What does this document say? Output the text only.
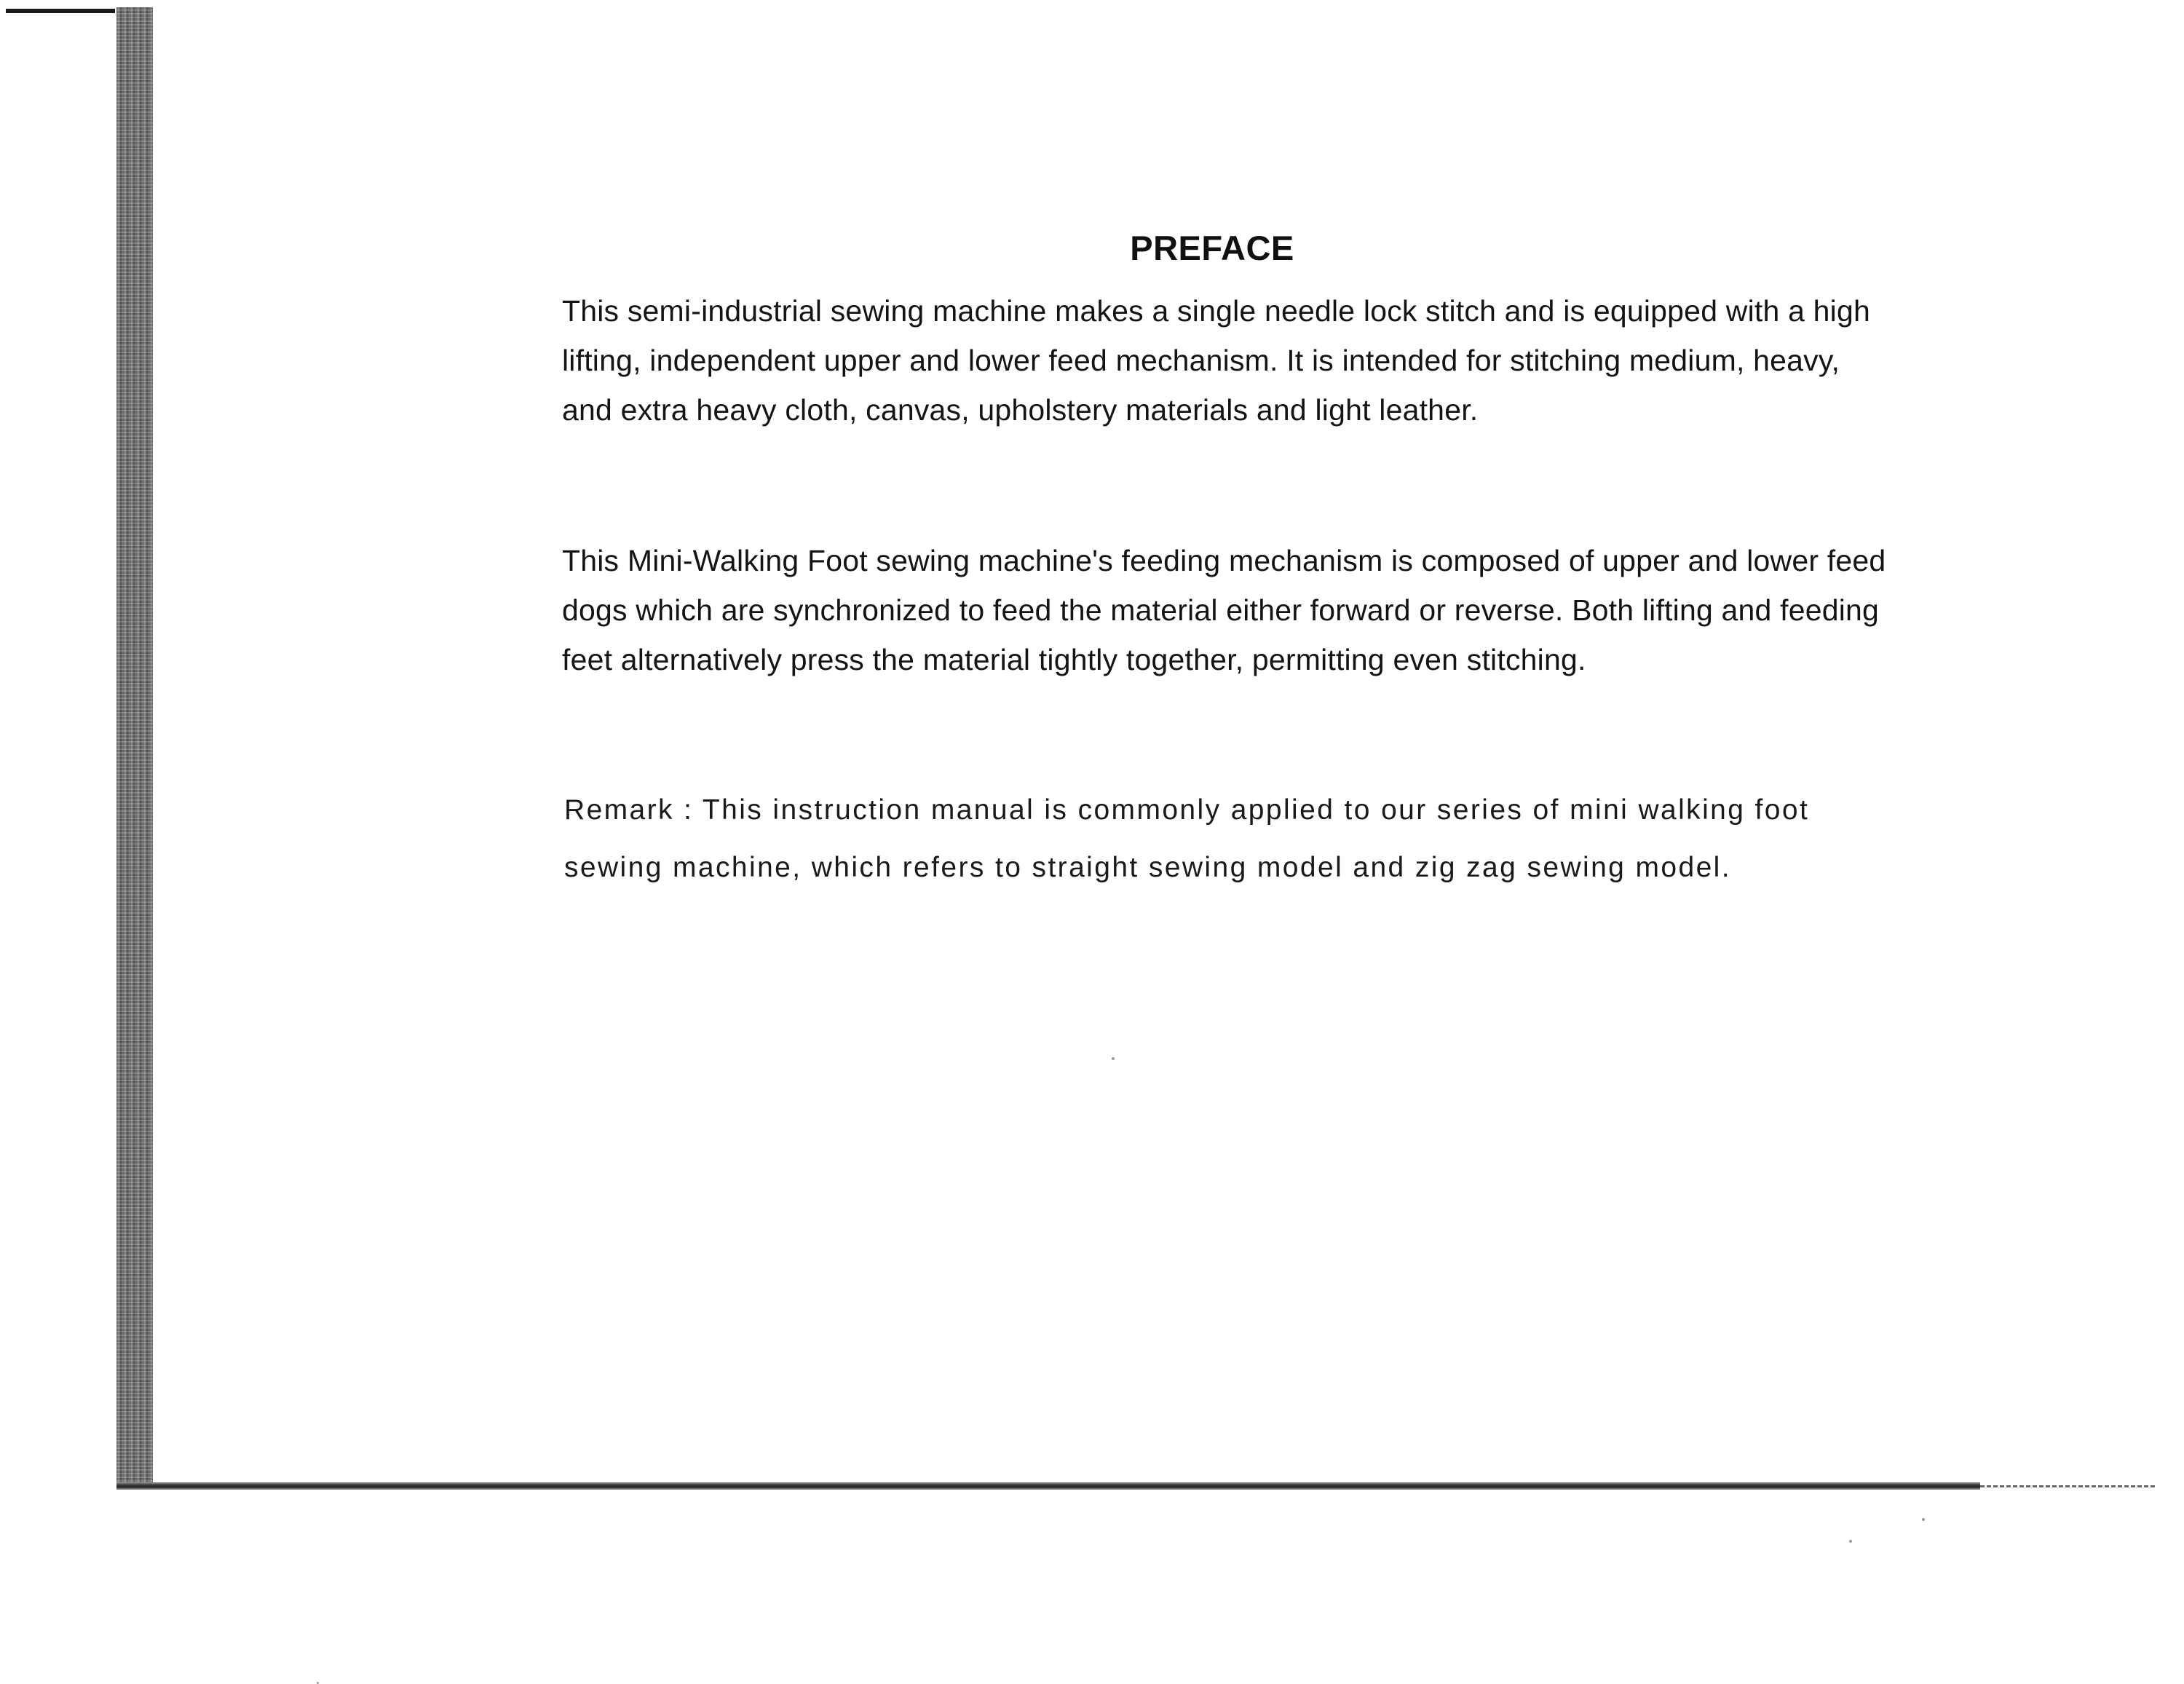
PREFACE

This semi-industrial sewing machine makes a single needle lock stitch and is equipped with a high lifting, independent upper and lower feed mechanism. It is intended for stitching medium, heavy, and extra heavy cloth, canvas, upholstery materials and light leather.

This Mini-Walking Foot sewing machine's feeding mechanism is composed of upper and lower feed dogs which are synchronized to feed the material either forward or reverse. Both lifting and feeding feet alternatively press the material tightly together, permitting even stitching.

Remark : This instruction manual is commonly applied to our series of mini walking foot sewing machine, which refers to straight sewing model and zig zag sewing model.
